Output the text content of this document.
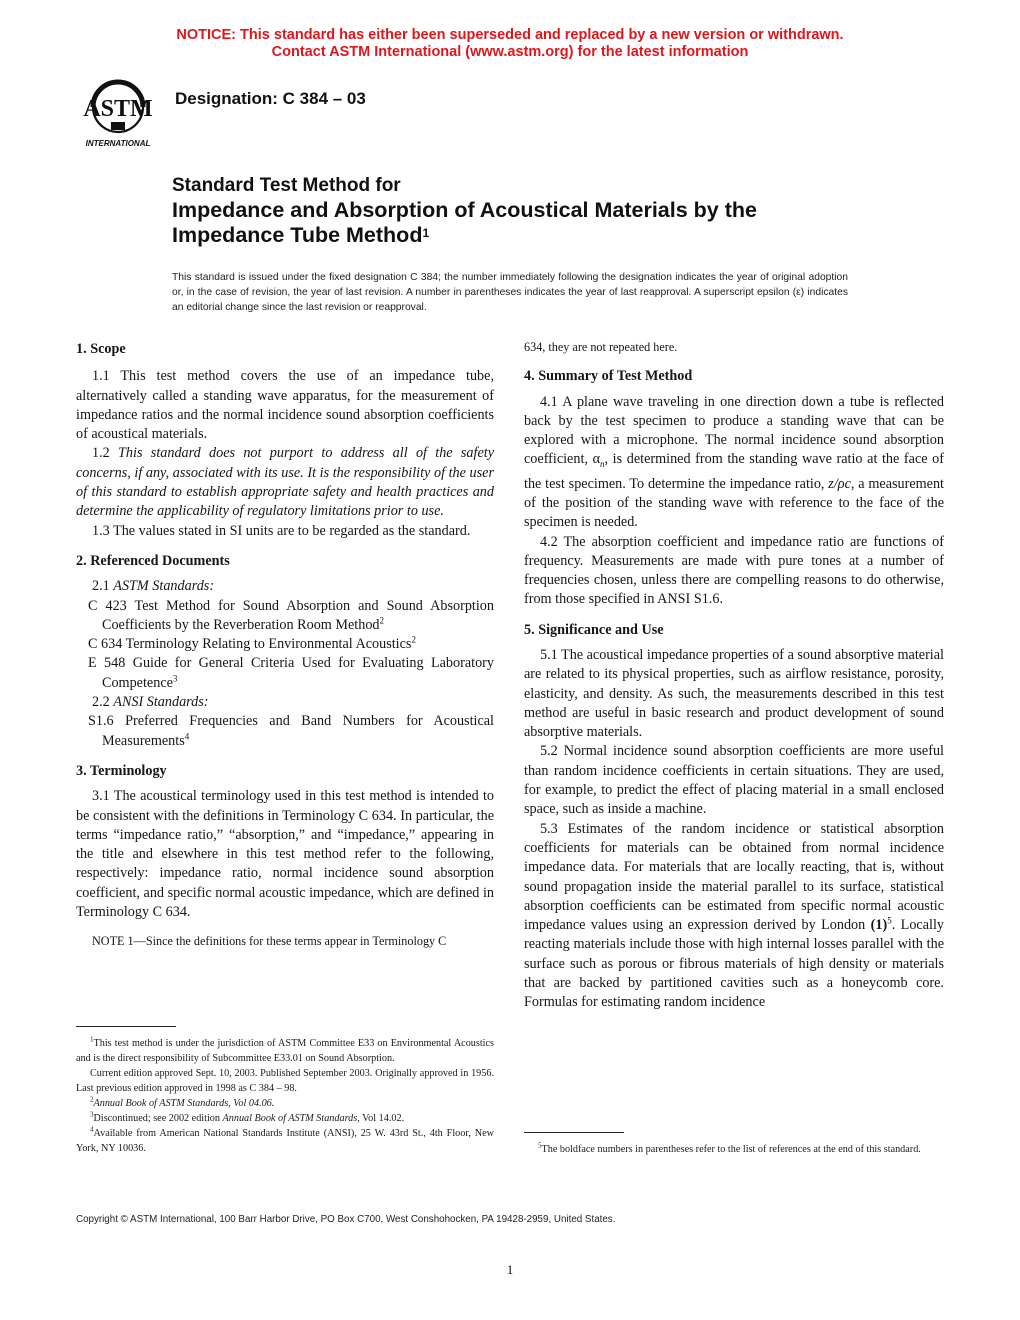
NOTICE: This standard has either been superseded and replaced by a new version or withdrawn.
Contact ASTM International (www.astm.org) for the latest information
ASTM
INTERNATIONAL
Designation: C 384 – 03
Standard Test Method for
Impedance and Absorption of Acoustical Materials by the
Impedance Tube Method$^1$
This standard is issued under the fixed designation C 384; the number immediately following the designation indicates the year of original adoption or, in the case of revision, the year of last revision. A number in parentheses indicates the year of last reapproval. A superscript epsilon (ε) indicates an editorial change since the last revision or reapproval.
1. Scope

1.1 This test method covers the use of an impedance tube, alternatively called a standing wave apparatus, for the measurement of impedance ratios and the normal incidence sound absorption coefficients of acoustical materials.

1.2 This standard does not purport to address all of the safety concerns, if any, associated with its use. It is the responsibility of the user of this standard to establish appropriate safety and health practices and determine the applicability of regulatory limitations prior to use.

1.3 The values stated in SI units are to be regarded as the standard.

2. Referenced Documents

2.1 ASTM Standards:

C 423 Test Method for Sound Absorption and Sound Absorption Coefficients by the Reverberation Room Method$^2$

C 634 Terminology Relating to Environmental Acoustics$^2$

E 548 Guide for General Criteria Used for Evaluating Laboratory Competence$^3$

2.2 ANSI Standards:

S1.6 Preferred Frequencies and Band Numbers for Acoustical Measurements$^4$

3. Terminology

3.1 The acoustical terminology used in this test method is intended to be consistent with the definitions in Terminology C 634. In particular, the terms “impedance ratio,” “absorption,” and “impedance,” appearing in the title and elsewhere in this test method refer to the following, respectively: impedance ratio, normal incidence sound absorption coefficient, and specific normal acoustic impedance, which are defined in Terminology C 634.

NOTE 1—Since the definitions for these terms appear in Terminology C

$^1$This test method is under the jurisdiction of ASTM Committee E33 on Environmental Acoustics and is the direct responsibility of Subcommittee E33.01 on Sound Absorption.

Current edition approved Sept. 10, 2003. Published September 2003. Originally approved in 1956. Last previous edition approved in 1998 as C 384 – 98.

$^2$Annual Book of ASTM Standards, Vol 04.06.

$^3$Discontinued; see 2002 edition Annual Book of ASTM Standards, Vol 14.02.

$^4$Available from American National Standards Institute (ANSI), 25 W. 43rd St., 4th Floor, New York, NY 10036.

634, they are not repeated here.

4. Summary of Test Method

4.1 A plane wave traveling in one direction down a tube is reflected back by the test specimen to produce a standing wave that can be explored with a microphone. The normal incidence sound absorption coefficient, $\alpha_n$, is determined from the standing wave ratio at the face of the test specimen. To determine the impedance ratio, z/ρc, a measurement of the position of the standing wave with reference to the face of the specimen is needed.

4.2 The absorption coefficient and impedance ratio are functions of frequency. Measurements are made with pure tones at a number of frequencies chosen, unless there are compelling reasons to do otherwise, from those specified in ANSI S1.6.

5. Significance and Use

5.1 The acoustical impedance properties of a sound absorptive material are related to its physical properties, such as airflow resistance, porosity, elasticity, and density. As such, the measurements described in this test method are useful in basic research and product development of sound absorptive materials.

5.2 Normal incidence sound absorption coefficients are more useful than random incidence coefficients in certain situations. They are used, for example, to predict the effect of placing material in a small enclosed space, such as inside a machine.

5.3 Estimates of the random incidence or statistical absorption coefficients for materials can be obtained from normal incidence impedance data. For materials that are locally reacting, that is, without sound propagation inside the material parallel to its surface, statistical absorption coefficients can be estimated from specific normal acoustic impedance values using an expression derived by London $(1)^5$. Locally reacting materials include those with high internal losses parallel with the surface such as porous or fibrous materials of high density or materials that are backed by partitioned cavities such as a honeycomb core. Formulas for estimating random incidence

$^5$The boldface numbers in parentheses refer to the list of references at the end of this standard.

Copyright © ASTM International, 100 Barr Harbor Drive, PO Box C700, West Conshohocken, PA 19428-2959, United States.
1
